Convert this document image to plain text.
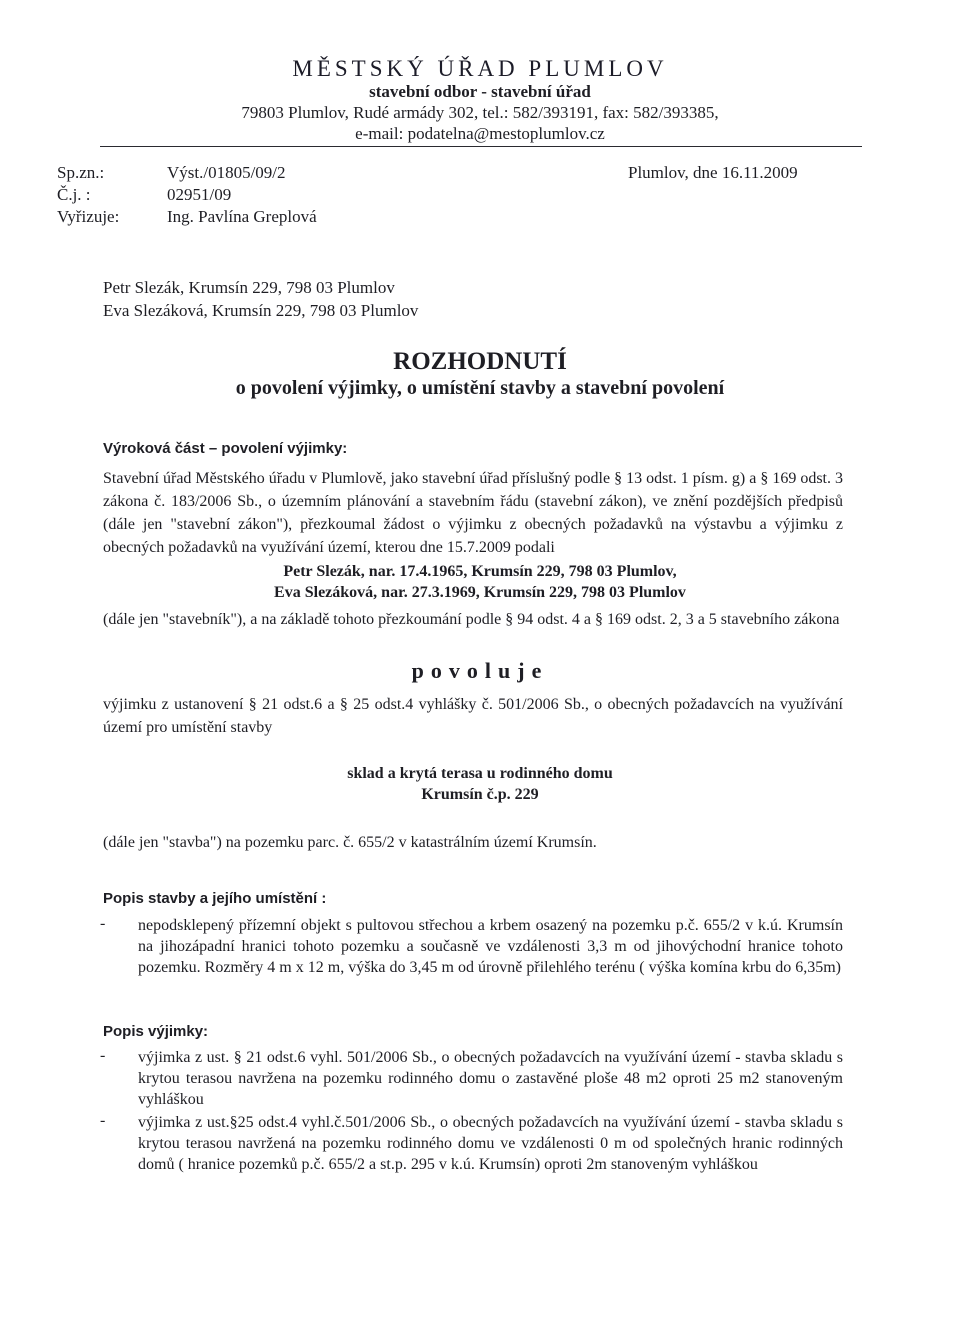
MĚSTSKÝ ÚŘAD PLUMLOV
stavební odbor - stavební úřad
79803 Plumlov, Rudé armády 302, tel.: 582/393191, fax: 582/393385,
e-mail: podatelna@mestoplumlov.cz
Sp.zn.:	Výst./01805/09/2
Č.j. :	02951/09
Vyřizuje:	Ing. Pavlína Greplová
Plumlov, dne 16.11.2009
Petr Slezák, Krumsín 229, 798 03 Plumlov
Eva Slezáková, Krumsín 229, 798 03 Plumlov
ROZHODNUTÍ
o povolení výjimky, o umístění stavby a stavební povolení
Výroková část – povolení výjimky:
Stavební úřad Městského úřadu v Plumlově, jako stavební úřad příslušný podle § 13 odst. 1 písm. g) a § 169 odst. 3 zákona č. 183/2006 Sb., o územním plánování a stavebním řádu (stavební zákon), ve znění pozdějších předpisů (dále jen "stavební zákon"), přezkoumal žádost o výjimku z obecných požadavků na výstavbu a výjimku z obecných požadavků na využívání území, kterou dne 15.7.2009 podali
Petr Slezák, nar. 17.4.1965, Krumsín 229, 798 03 Plumlov,
Eva Slezáková, nar. 27.3.1969, Krumsín 229, 798 03 Plumlov
(dále jen "stavebník"), a na základě tohoto přezkoumání podle § 94 odst. 4 a § 169 odst. 2, 3 a 5 stavebního zákona
povoluje
výjimku z ustanovení § 21 odst.6 a § 25 odst.4 vyhlášky č. 501/2006 Sb., o obecných požadavcích na využívání území pro umístění stavby
sklad a krytá terasa u rodinného domu
Krumsín č.p. 229
(dále jen "stavba") na pozemku parc. č. 655/2 v katastrálním území Krumsín.
Popis stavby a jejího umístění :
- nepodsklepený přízemní objekt s pultovou střechou a krbem osazený na pozemku p.č. 655/2 v k.ú. Krumsín na jihozápadní hranici tohoto pozemku a současně ve vzdálenosti 3,3 m od jihovýchodní hranice tohoto pozemku. Rozměry 4 m x 12 m, výška do 3,45 m od úrovně přilehlého terénu ( výška komína krbu do 6,35m)
Popis výjimky:
- výjimka z ust. § 21 odst.6 vyhl. 501/2006 Sb., o obecných požadavcích na využívání území - stavba skladu s krytou terasou navržena na pozemku rodinného domu o zastavěné ploše 48 m2 oproti 25 m2 stanoveným vyhláškou
- výjimka z ust.§25 odst.4 vyhl.č.501/2006 Sb., o obecných požadavcích na využívání území - stavba skladu s krytou terasou navržená na pozemku rodinného domu ve vzdálenosti 0 m od společných hranic rodinných domů ( hranice pozemků p.č. 655/2 a st.p. 295 v k.ú. Krumsín) oproti 2m stanoveným vyhláškou
